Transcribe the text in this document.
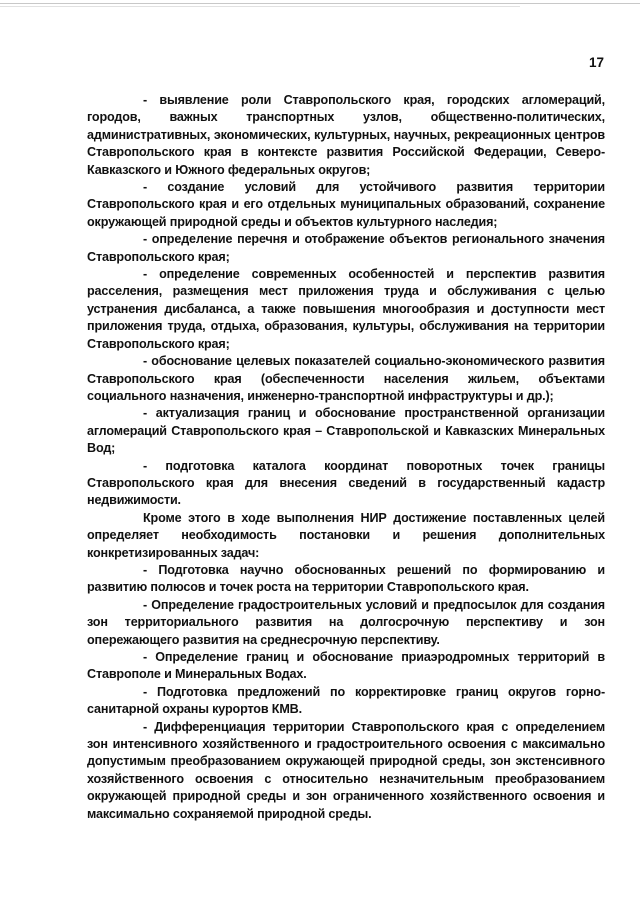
17

- выявление роли Ставропольского края, городских агломераций, городов, важных транспортных узлов, общественно-политических, административных, экономических, культурных, научных, рекреационных центров Ставропольского края в контексте развития Российской Федерации, Северо-Кавказского и Южного федеральных округов;

- создание условий для устойчивого развития территории Ставропольского края и его отдельных муниципальных образований, сохранение окружающей природной среды и объектов культурного наследия;

- определение перечня и отображение объектов регионального значения Ставропольского края;

- определение современных особенностей и перспектив развития расселения, размещения мест приложения труда и обслуживания с целью устранения дисбаланса, а также повышения многообразия и доступности мест приложения труда, отдыха, образования, культуры, обслуживания на территории Ставропольского края;

- обоснование целевых показателей социально-экономического развития Ставропольского края (обеспеченности населения жильем, объектами социального назначения, инженерно-транспортной инфраструктуры и др.);

- актуализация границ и обоснование пространственной организации агломераций Ставропольского края – Ставропольской и Кавказских Минеральных Вод;

- подготовка каталога координат поворотных точек границы Ставропольского края для внесения сведений в государственный кадастр недвижимости.

Кроме этого в ходе выполнения НИР достижение поставленных целей определяет необходимость постановки и решения дополнительных конкретизированных задач:

- Подготовка научно обоснованных решений по формированию и развитию полюсов и точек роста на территории Ставропольского края.

- Определение градостроительных условий и предпосылок для создания зон территориального развития на долгосрочную перспективу и зон опережающего развития на среднесрочную перспективу.

- Определение границ и обоснование приаэродромных территорий в Ставрополе и Минеральных Водах.

- Подготовка предложений по корректировке границ округов горно-санитарной охраны курортов КМВ.

- Дифференциация территории Ставропольского края с определением зон интенсивного хозяйственного и градостроительного освоения с максимально допустимым преобразованием окружающей природной среды, зон экстенсивного хозяйственного освоения с относительно незначительным преобразованием окружающей природной среды и зон ограниченного хозяйственного освоения и максимально сохраняемой природной среды.
